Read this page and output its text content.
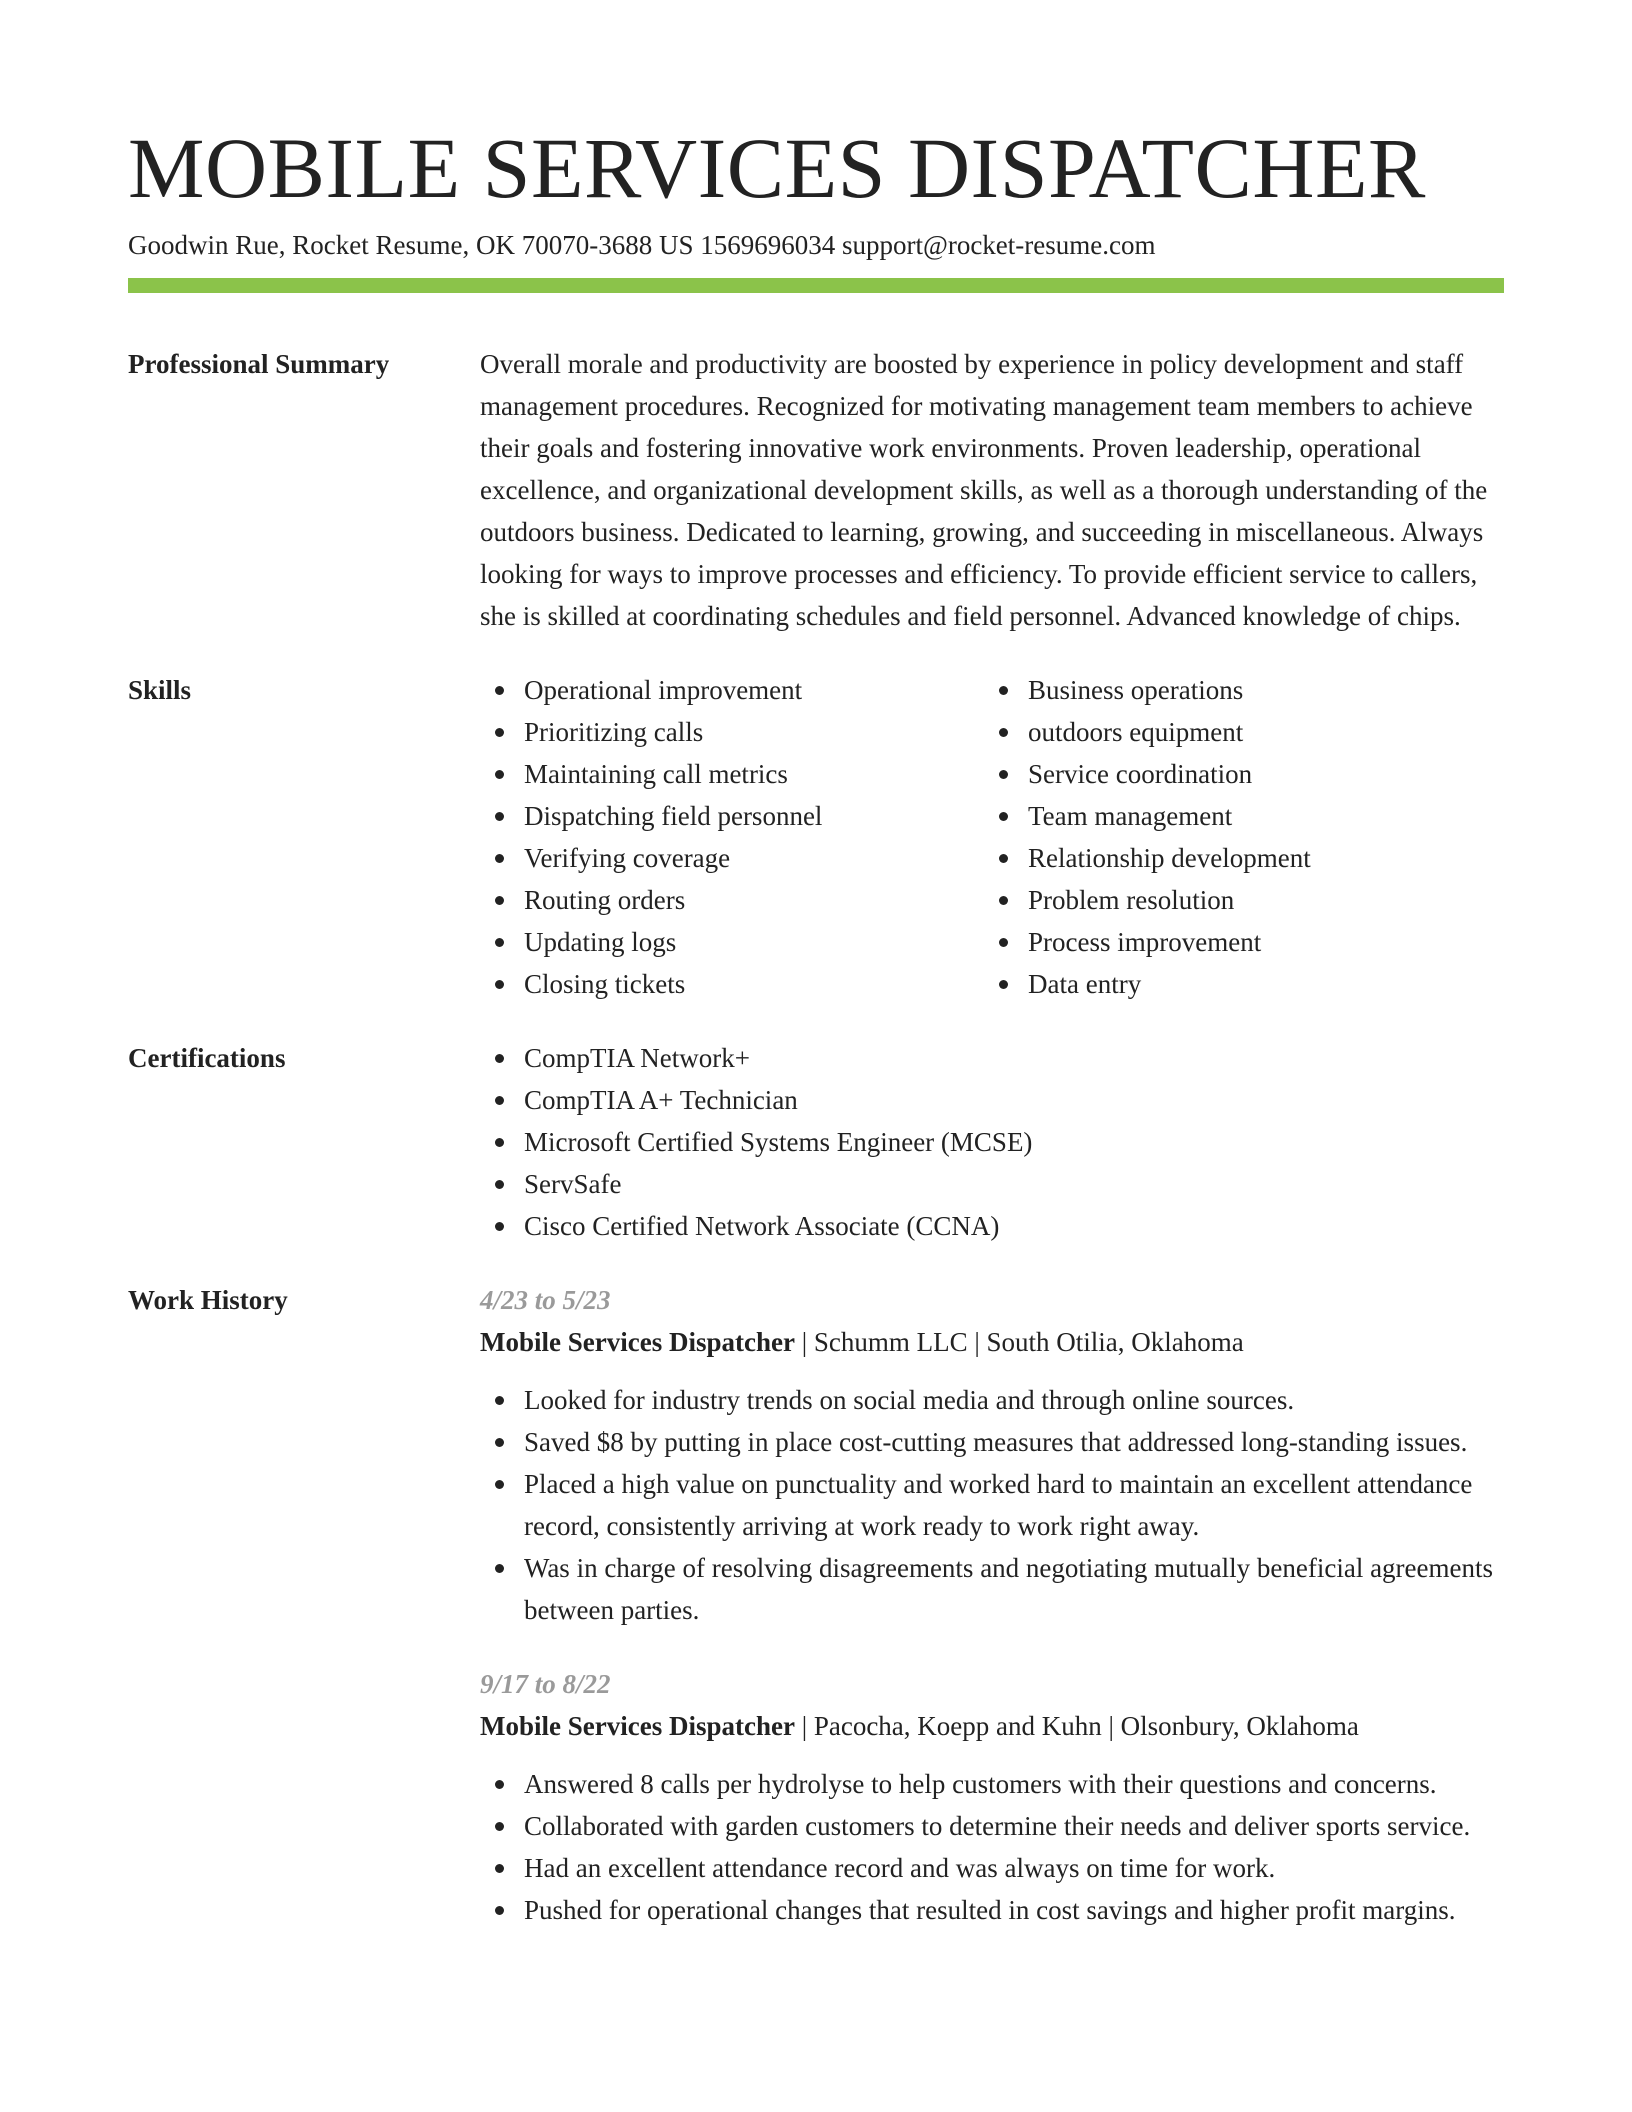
MOBILE SERVICES DISPATCHER
Goodwin Rue, Rocket Resume, OK 70070-3688 US 1569696034 support@rocket-resume.com
Professional Summary	Overall morale and productivity are boosted by experience in policy development and staff management procedures. Recognized for motivating management team members to achieve their goals and fostering innovative work environments. Proven leadership, operational excellence, and organizational development skills, as well as a thorough understanding of the outdoors business. Dedicated to learning, growing, and succeeding in miscellaneous. Always looking for ways to improve processes and efficiency. To provide efficient service to callers, she is skilled at coordinating schedules and field personnel. Advanced knowledge of chips.

Skills	Operational improvement
Prioritizing calls
Maintaining call metrics
Dispatching field personnel
Verifying coverage
Routing orders
Updating logs
Closing tickets
Business operations
outdoors equipment
Service coordination
Team management
Relationship development
Problem resolution
Process improvement
Data entry
Certifications	CompTIA Network+
CompTIA A+ Technician
Microsoft Certified Systems Engineer (MCSE)
ServSafe
Cisco Certified Network Associate (CCNA)
Work History	4/23 to 5/23
Mobile Services Dispatcher | Schumm LLC | South Otilia, Oklahoma
Looked for industry trends on social media and through online sources.
Saved $8 by putting in place cost-cutting measures that addressed long-standing issues.
Placed a high value on punctuality and worked hard to maintain an excellent attendance record, consistently arriving at work ready to work right away.
Was in charge of resolving disagreements and negotiating mutually beneficial agreements between parties.
9/17 to 8/22
Mobile Services Dispatcher | Pacocha, Koepp and Kuhn | Olsonbury, Oklahoma
Answered 8 calls per hydrolyse to help customers with their questions and concerns.
Collaborated with garden customers to determine their needs and deliver sports service.
Had an excellent attendance record and was always on time for work.
Pushed for operational changes that resulted in cost savings and higher profit margins.
